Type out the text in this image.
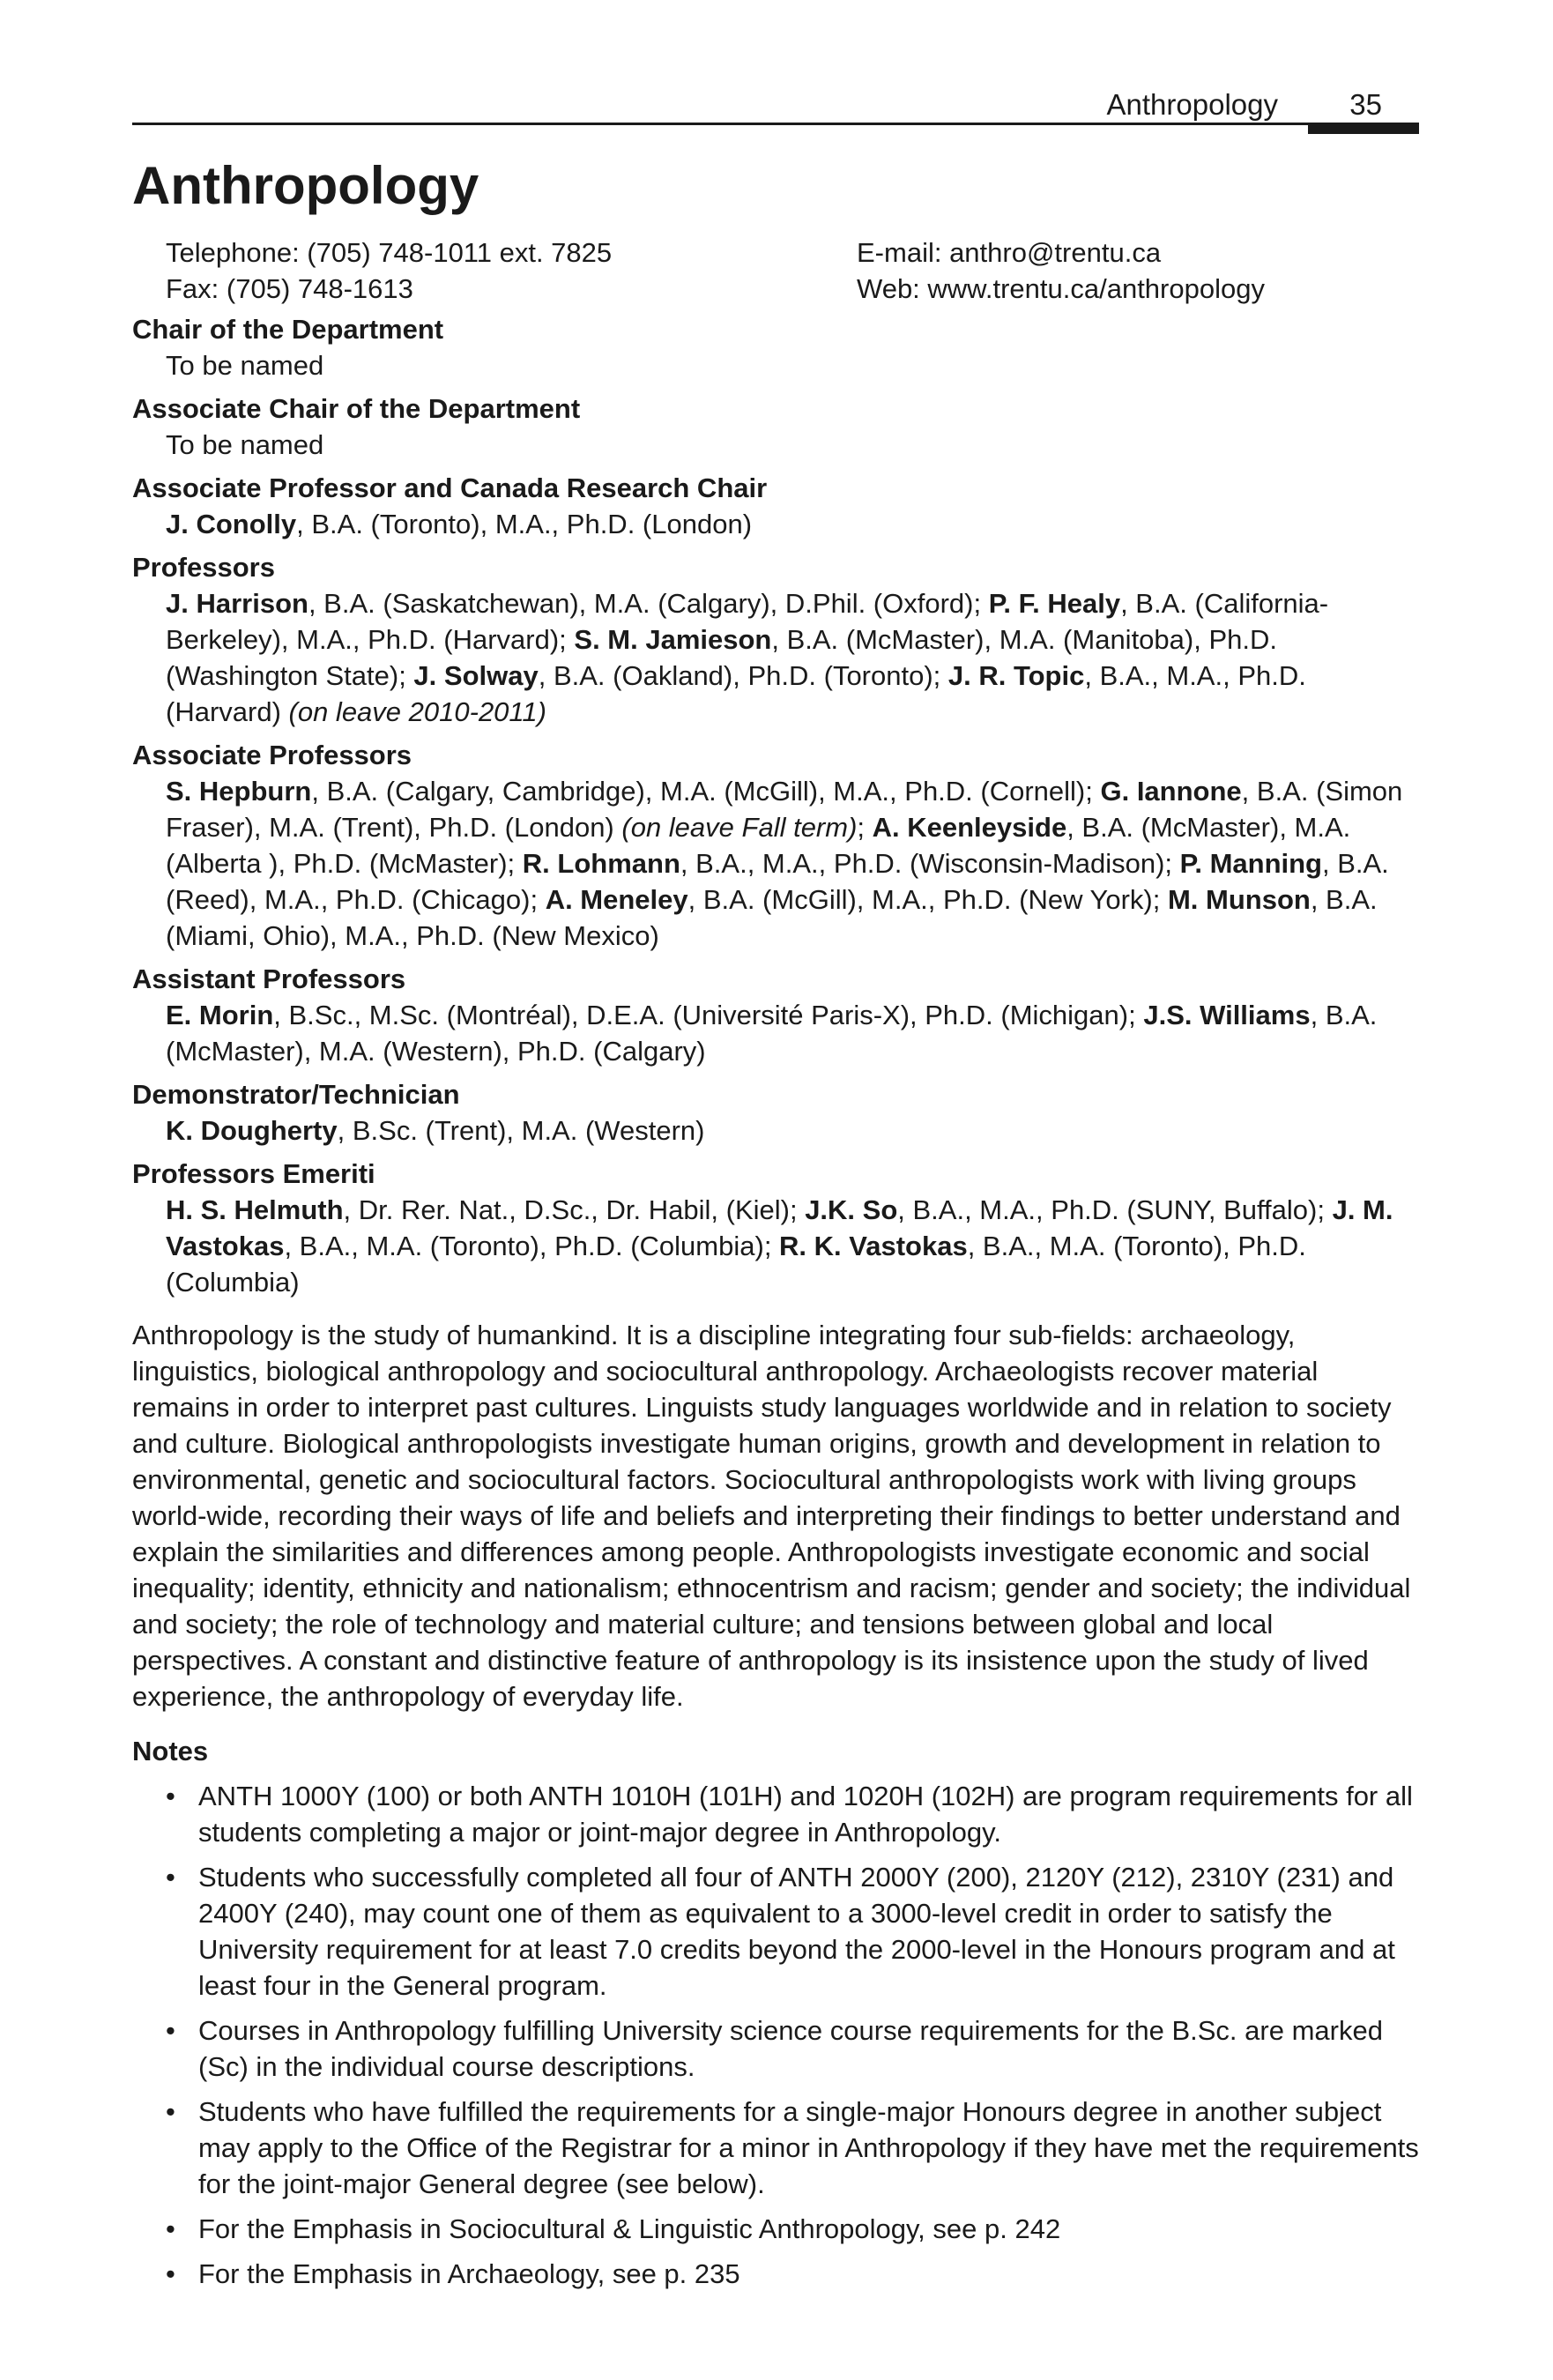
Anthropology 35
Anthropology
Telephone: (705) 748-1011 ext. 7825
Fax: (705) 748-1613
E-mail: anthro@trentu.ca
Web: www.trentu.ca/anthropology
Chair of the Department
To be named
Associate Chair of the Department
To be named
Associate Professor and Canada Research Chair
J. Conolly, B.A. (Toronto), M.A., Ph.D. (London)
Professors
J. Harrison, B.A. (Saskatchewan), M.A. (Calgary), D.Phil. (Oxford); P. F. Healy, B.A. (California-Berkeley), M.A., Ph.D. (Harvard); S. M. Jamieson, B.A. (McMaster), M.A. (Manitoba), Ph.D. (Washington State); J. Solway, B.A. (Oakland), Ph.D. (Toronto); J. R. Topic, B.A., M.A., Ph.D. (Harvard) (on leave 2010-2011)
Associate Professors
S. Hepburn, B.A. (Calgary, Cambridge), M.A. (McGill), M.A., Ph.D. (Cornell); G. Iannone, B.A. (Simon Fraser), M.A. (Trent), Ph.D. (London) (on leave Fall term); A. Keenleyside, B.A. (McMaster), M.A. (Alberta ), Ph.D. (McMaster); R. Lohmann, B.A., M.A., Ph.D. (Wisconsin-Madison); P. Manning, B.A. (Reed), M.A., Ph.D. (Chicago); A. Meneley, B.A. (McGill), M.A., Ph.D. (New York); M. Munson, B.A. (Miami, Ohio), M.A., Ph.D. (New Mexico)
Assistant Professors
E. Morin, B.Sc., M.Sc. (Montréal), D.E.A. (Université Paris-X), Ph.D. (Michigan); J.S. Williams, B.A. (McMaster), M.A. (Western), Ph.D. (Calgary)
Demonstrator/Technician
K. Dougherty, B.Sc. (Trent), M.A. (Western)
Professors Emeriti
H. S. Helmuth, Dr. Rer. Nat., D.Sc., Dr. Habil, (Kiel); J.K. So, B.A., M.A., Ph.D. (SUNY, Buffalo); J. M. Vastokas, B.A., M.A. (Toronto), Ph.D. (Columbia); R. K. Vastokas, B.A., M.A. (Toronto), Ph.D. (Columbia)

Anthropology is the study of humankind. It is a discipline integrating four sub-fields: archaeology, linguistics, biological anthropology and sociocultural anthropology. Archaeologists recover material remains in order to interpret past cultures. Linguists study languages worldwide and in relation to society and culture. Biological anthropologists investigate human origins, growth and development in relation to environmental, genetic and sociocultural factors. Sociocultural anthropologists work with living groups world-wide, recording their ways of life and beliefs and interpreting their findings to better understand and explain the similarities and differences among people. Anthropologists investigate economic and social inequality; identity, ethnicity and nationalism; ethnocentrism and racism; gender and society; the individual and society; the role of technology and material culture; and tensions between global and local perspectives. A constant and distinctive feature of anthropology is its insistence upon the study of lived experience, the anthropology of everyday life.

Notes
• ANTH 1000Y (100) or both ANTH 1010H (101H) and 1020H (102H) are program requirements for all students completing a major or joint-major degree in Anthropology.
• Students who successfully completed all four of ANTH 2000Y (200), 2120Y (212), 2310Y (231) and 2400Y (240), may count one of them as equivalent to a 3000-level credit in order to satisfy the University requirement for at least 7.0 credits beyond the 2000-level in the Honours program and at least four in the General program.
• Courses in Anthropology fulfilling University science course requirements for the B.Sc. are marked (Sc) in the individual course descriptions.
• Students who have fulfilled the requirements for a single-major Honours degree in another subject may apply to the Office of the Registrar for a minor in Anthropology if they have met the requirements for the joint-major General degree (see below).
• For the Emphasis in Sociocultural & Linguistic Anthropology, see p. 242
• For the Emphasis in Archaeology, see p. 235
